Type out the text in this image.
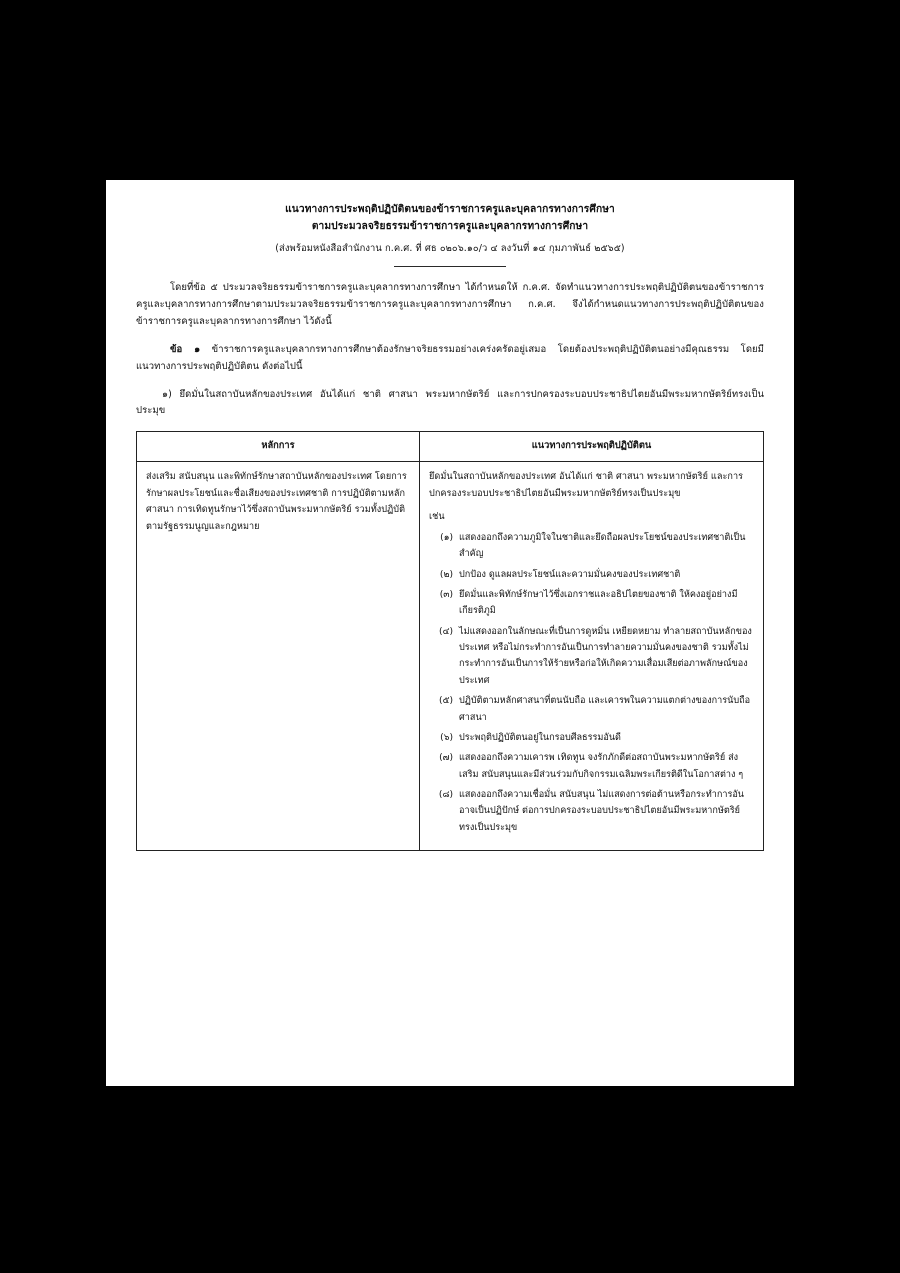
แนวทางการประพฤติปฏิบัติตนของข้าราชการครูและบุคลากรทางการศึกษา
ตามประมวลจริยธรรมข้าราชการครูและบุคลากรทางการศึกษา
(ส่งพร้อมหนังสือสำนักงาน ก.ค.ศ. ที่ ศธ ๐๒๐๖.๑๐/ว ๔ ลงวันที่ ๑๔ กุมภาพันธ์ ๒๕๖๕)

โดยที่ข้อ ๕ ประมวลจริยธรรมข้าราชการครูและบุคลากรทางการศึกษา ได้กำหนดให้ ก.ค.ศ. จัดทำแนวทางการประพฤติปฏิบัติตนของข้าราชการครูและบุคลากรทางการศึกษาตามประมวลจริยธรรมข้าราชการครูและบุคลากรทางการศึกษา ก.ค.ศ. จึงได้กำหนดแนวทางการประพฤติปฏิบัติตนของข้าราชการครูและบุคลากรทางการศึกษา ไว้ดังนี้

ข้อ ๑ ข้าราชการครูและบุคลากรทางการศึกษาต้องรักษาจริยธรรมอย่างเคร่งครัดอยู่เสมอ โดยต้องประพฤติปฏิบัติตนอย่างมีคุณธรรม โดยมีแนวทางการประพฤติปฏิบัติตน ดังต่อไปนี้

๑) ยึดมั่นในสถาบันหลักของประเทศ อันได้แก่ ชาติ ศาสนา พระมหากษัตริย์ และการปกครองระบอบประชาธิปไตยอันมีพระมหากษัตริย์ทรงเป็นประมุข

หลักการ	แนวทางการประพฤติปฏิบัติตน

ส่งเสริม สนับสนุน และพิทักษ์รักษาสถาบันหลักของประเทศ โดยการรักษาผลประโยชน์และชื่อเสียงของประเทศชาติ การปฏิบัติตามหลักศาสนา การเทิดทูนรักษาไว้ซึ่งสถาบันพระมหากษัตริย์ รวมทั้งปฏิบัติตามรัฐธรรมนูญและกฎหมาย

ยึดมั่นในสถาบันหลักของประเทศ อันได้แก่ ชาติ ศาสนา พระมหากษัตริย์ และการปกครองระบอบประชาธิปไตยอันมีพระมหากษัตริย์ทรงเป็นประมุข
เช่น
(๑) แสดงออกถึงความภูมิใจในชาติและยึดถือผลประโยชน์ของประเทศชาติเป็นสำคัญ
(๒) ปกป้อง ดูแลผลประโยชน์และความมั่นคงของประเทศชาติ
(๓) ยึดมั่นและพิทักษ์รักษาไว้ซึ่งเอกราชและอธิปไตยของชาติ ให้คงอยู่อย่างมีเกียรติภูมิ
(๔) ไม่แสดงออกในลักษณะที่เป็นการดูหมิ่น เหยียดหยาม ทำลายสถาบันหลักของประเทศ หรือไม่กระทำการอันเป็นการทำลายความมั่นคงของชาติ รวมทั้งไม่กระทำการอันเป็นการให้ร้ายหรือก่อให้เกิดความเสื่อมเสียต่อภาพลักษณ์ของประเทศ
(๕) ปฏิบัติตามหลักศาสนาที่ตนนับถือ และเคารพในความแตกต่างของการนับถือศาสนา
(๖) ประพฤติปฏิบัติตนอยู่ในกรอบศีลธรรมอันดี
(๗) แสดงออกถึงความเคารพ เทิดทูน จงรักภักดีต่อสถาบันพระมหากษัตริย์ ส่งเสริม สนับสนุนและมีส่วนร่วมกับกิจกรรมเฉลิมพระเกียรติดีในโอกาสต่าง ๆ
(๘) แสดงออกถึงความเชื่อมั่น สนับสนุน ไม่แสดงการต่อต้านหรือกระทำการอันอาจเป็นปฏิปักษ์ ต่อการปกครองระบอบประชาธิปไตยอันมีพระมหากษัตริย์ทรงเป็นประมุข
